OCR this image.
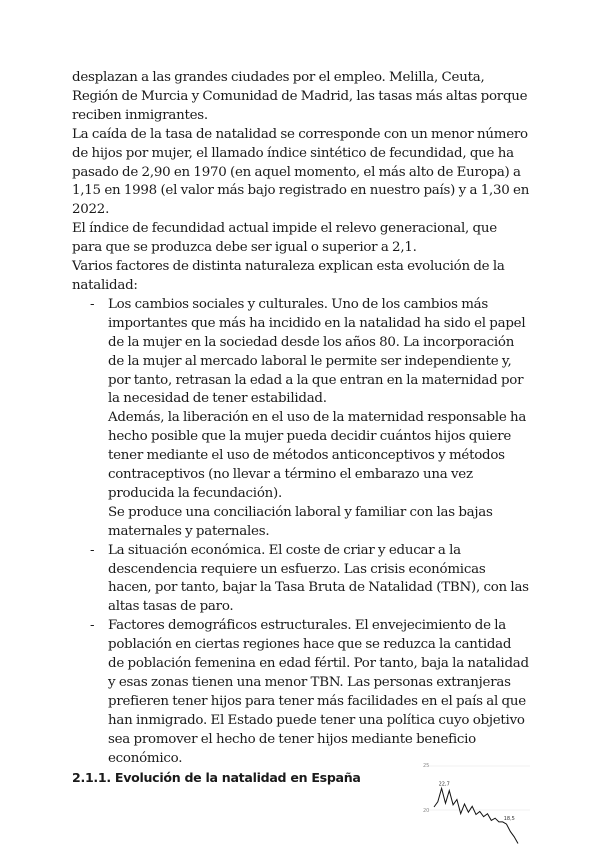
desplazan a las grandes ciudades por el empleo. Melilla, Ceuta, Región de Murcia y Comunidad de Madrid, las tasas más altas porque reciben inmigrantes.

La caída de la tasa de natalidad se corresponde con un menor número de hijos por mujer, el llamado índice sintético de fecundidad, que ha pasado de 2,90 en 1970 (en aquel momento, el más alto de Europa) a 1,15 en 1998 (el valor más bajo registrado en nuestro país) y a 1,30 en 2022.

El índice de fecundidad actual impide el relevo generacional, que para que se produzca debe ser igual o superior a 2,1.

Varios factores de distinta naturaleza explican esta evolución de la natalidad:

- Los cambios sociales y culturales. Uno de los cambios más importantes que más ha incidido en la natalidad ha sido el papel de la mujer en la sociedad desde los años 80. La incorporación de la mujer al mercado laboral le permite ser independiente y, por tanto, retrasan la edad a la que entran en la maternidad por la necesidad de tener estabilidad.

Además, la liberación en el uso de la maternidad responsable ha hecho posible que la mujer pueda decidir cuántos hijos quiere tener mediante el uso de métodos anticonceptivos y métodos contraceptivos (no llevar a término el embarazo una vez producida la fecundación).

Se produce una conciliación laboral y familiar con las bajas maternales y paternales.

- La situación económica. El coste de criar y educar a la descendencia requiere un esfuerzo. Las crisis económicas hacen, por tanto, bajar la Tasa Bruta de Natalidad (TBN), con las altas tasas de paro.

- Factores demográficos estructurales. El envejecimiento de la población en ciertas regiones hace que se reduzca la cantidad de población femenina en edad fértil. Por tanto, baja la natalidad y esas zonas tienen una menor TBN. Las personas extranjeras prefieren tener hijos para tener más facilidades en el país al que han inmigrado. El Estado puede tener una política cuyo objetivo sea promover el hecho de tener hijos mediante beneficio económico.

2.1.1. Evolución de la natalidad en España
25
20
22,7
18,5
